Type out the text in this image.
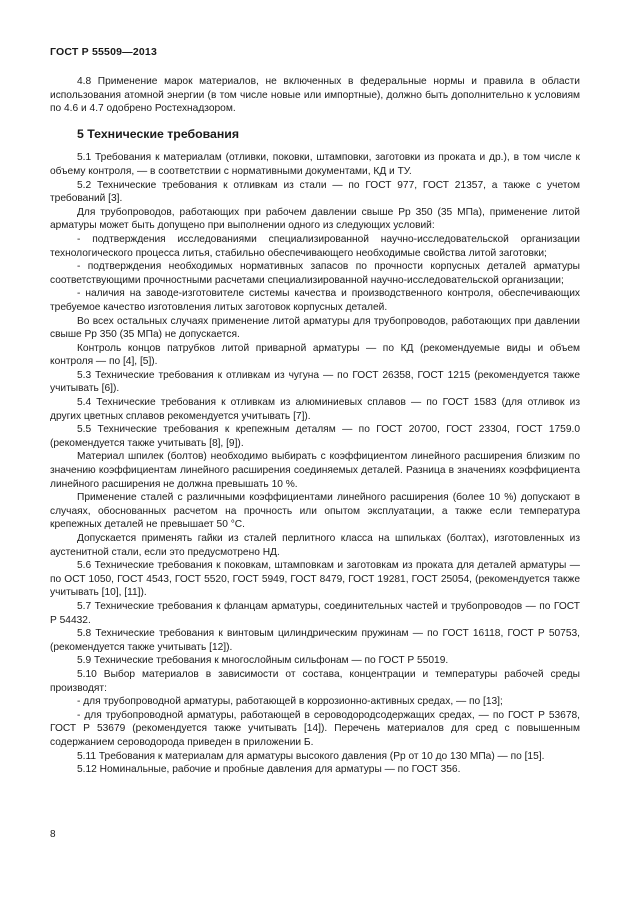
ГОСТ Р 55509—2013

4.8 Применение марок материалов, не включенных в федеральные нормы и правила в области использования атомной энергии (в том числе новые или импортные), должно быть дополнительно к условиям по 4.6 и 4.7 одобрено Ростехнадзором.

5 Технические требования

5.1 Требования к материалам (отливки, поковки, штамповки, заготовки из проката и др.), в том числе к объему контроля, — в соответствии с нормативными документами, КД и ТУ.

5.2 Технические требования к отливкам из стали — по ГОСТ 977, ГОСТ 21357, а также с учетом требований [3].

Для трубопроводов, работающих при рабочем давлении свыше Pp 350 (35 МПа), применение литой арматуры может быть допущено при выполнении одного из следующих условий:

- подтверждения исследованиями специализированной научно-исследовательской организации технологического процесса литья, стабильно обеспечивающего необходимые свойства литой заготовки;

- подтверждения необходимых нормативных запасов по прочности корпусных деталей арматуры соответствующими прочностными расчетами специализированной научно-исследовательской организации;

- наличия на заводе-изготовителе системы качества и производственного контроля, обеспечивающих требуемое качество изготовления литых заготовок корпусных деталей.

Во всех остальных случаях применение литой арматуры для трубопроводов, работающих при давлении свыше Pp 350 (35 МПа) не допускается.

Контроль концов патрубков литой приварной арматуры — по КД (рекомендуемые виды и объем контроля — по [4], [5]).

5.3 Технические требования к отливкам из чугуна — по ГОСТ 26358, ГОСТ 1215 (рекомендуется также учитывать [6]).

5.4 Технические требования к отливкам из алюминиевых сплавов — по ГОСТ 1583 (для отливок из других цветных сплавов рекомендуется учитывать [7]).

5.5 Технические требования к крепежным деталям — по ГОСТ 20700, ГОСТ 23304, ГОСТ 1759.0 (рекомендуется также учитывать [8], [9]).

Материал шпилек (болтов) необходимо выбирать с коэффициентом линейного расширения близким по значению коэффициентам линейного расширения соединяемых деталей. Разница в значениях коэффициента линейного расширения не должна превышать 10 %.

Применение сталей с различными коэффициентами линейного расширения (более 10 %) допускают в случаях, обоснованных расчетом на прочность или опытом эксплуатации, а также если температура крепежных деталей не превышает 50 °С.

Допускается применять гайки из сталей перлитного класса на шпильках (болтах), изготовленных из аустенитной стали, если это предусмотрено НД.

5.6 Технические требования к поковкам, штамповкам и заготовкам из проката для деталей арматуры — по ОСТ 1050, ГОСТ 4543, ГОСТ 5520, ГОСТ 5949, ГОСТ 8479, ГОСТ 19281, ГОСТ 25054, (рекомендуется также учитывать [10], [11]).

5.7 Технические требования к фланцам арматуры, соединительных частей и трубопроводов — по ГОСТ Р 54432.

5.8 Технические требования к винтовым цилиндрическим пружинам — по ГОСТ 16118, ГОСТ Р 50753, (рекомендуется также учитывать [12]).

5.9 Технические требования к многослойным сильфонам — по ГОСТ Р 55019.

5.10 Выбор материалов в зависимости от состава, концентрации и температуры рабочей среды производят:

- для трубопроводной арматуры, работающей в коррозионно-активных средах, — по [13];

- для трубопроводной арматуры, работающей в сероводородсодержащих средах, — по ГОСТ Р 53678, ГОСТ Р 53679 (рекомендуется также учитывать [14]). Перечень материалов для сред с повышенным содержанием сероводорода приведен в приложении Б.

5.11 Требования к материалам для арматуры высокого давления (Pp от 10 до 130 МПа) — по [15].

5.12 Номинальные, рабочие и пробные давления для арматуры — по ГОСТ 356.

8
